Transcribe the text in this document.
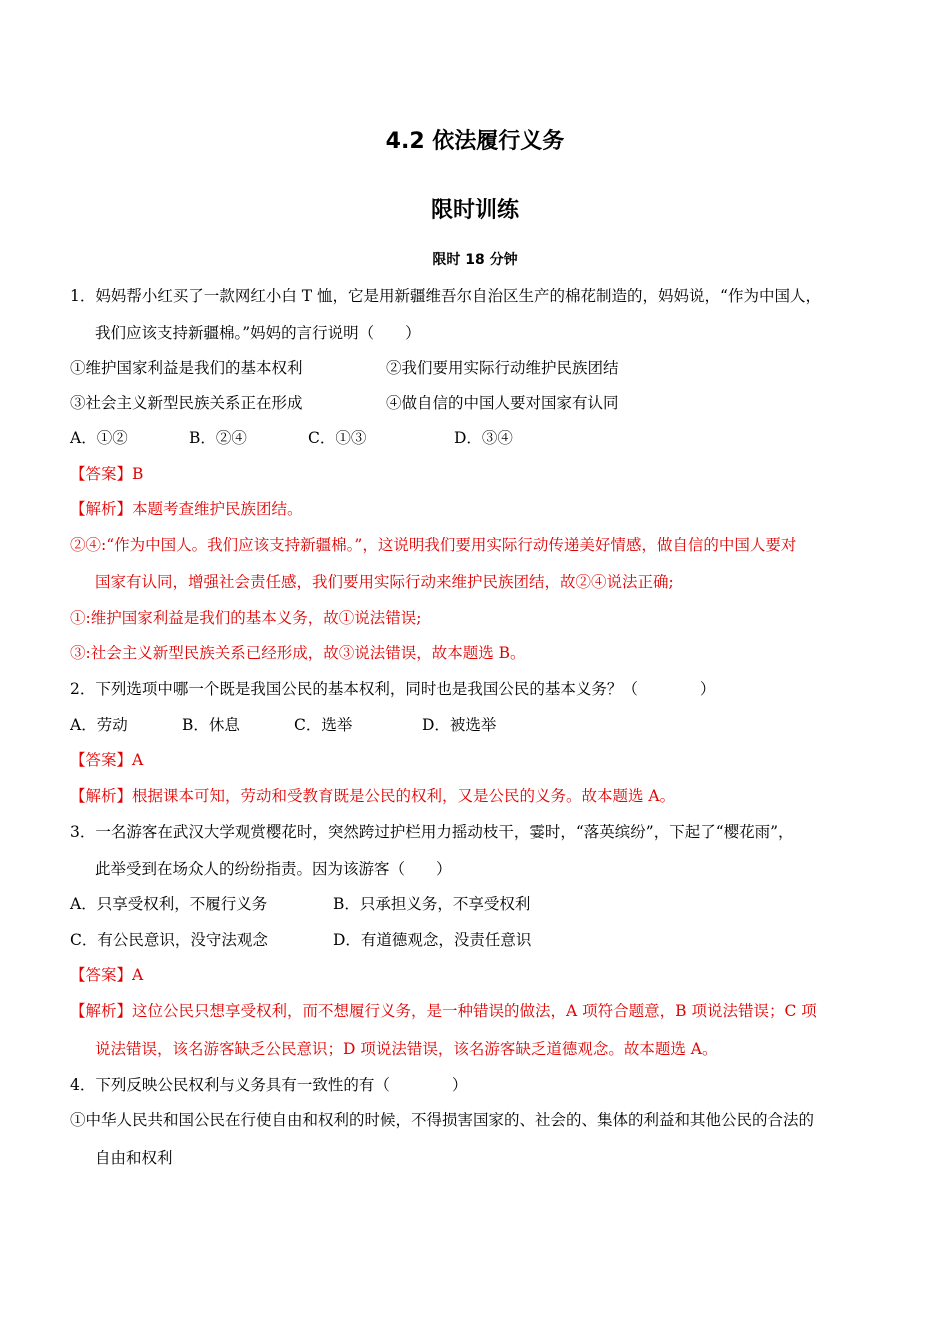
4.2 依法履行义务
限时训练
限时 18 分钟
1．妈妈帮小红买了一款网红小白 T 恤，它是用新疆维吾尔自治区生产的棉花制造的，妈妈说，“作为中国人，
我们应该支持新疆棉。”妈妈的言行说明（　　）
①维护国家利益是我们的基本权利	②我们要用实际行动维护民族团结
③社会主义新型民族关系正在形成	④做自信的中国人要对国家有认同
A．①②	B．②④	C．①③	D．③④
【答案】B
【解析】本题考查维护民族团结。
②④:“作为中国人。我们应该支持新疆棉。”，这说明我们要用实际行动传递美好情感，做自信的中国人要对
国家有认同，增强社会责任感，我们要用实际行动来维护民族团结，故②④说法正确;
①:维护国家利益是我们的基本义务，故①说法错误;
③:社会主义新型民族关系已经形成，故③说法错误，故本题选 B。
2．下列选项中哪一个既是我国公民的基本权利，同时也是我国公民的基本义务？（　　　　）
A．劳动	B．休息	C．选举	D．被选举
【答案】A
【解析】根据课本可知，劳动和受教育既是公民的权利，又是公民的义务。故本题选 A。
3．一名游客在武汉大学观赏樱花时，突然跨过护栏用力摇动枝干，霎时，“落英缤纷”，下起了“樱花雨”，
此举受到在场众人的纷纷指责。因为该游客（　　）
A．只享受权利，不履行义务	B．只承担义务，不享受权利
C．有公民意识，没守法观念	D．有道德观念，没责任意识
【答案】A
【解析】这位公民只想享受权利，而不想履行义务，是一种错误的做法，A 项符合题意，B 项说法错误；C 项
说法错误，该名游客缺乏公民意识；D 项说法错误，该名游客缺乏道德观念。故本题选 A。
4．下列反映公民权利与义务具有一致性的有（　　　　）
①中华人民共和国公民在行使自由和权利的时候，不得损害国家的、社会的、集体的利益和其他公民的合法的
自由和权利
